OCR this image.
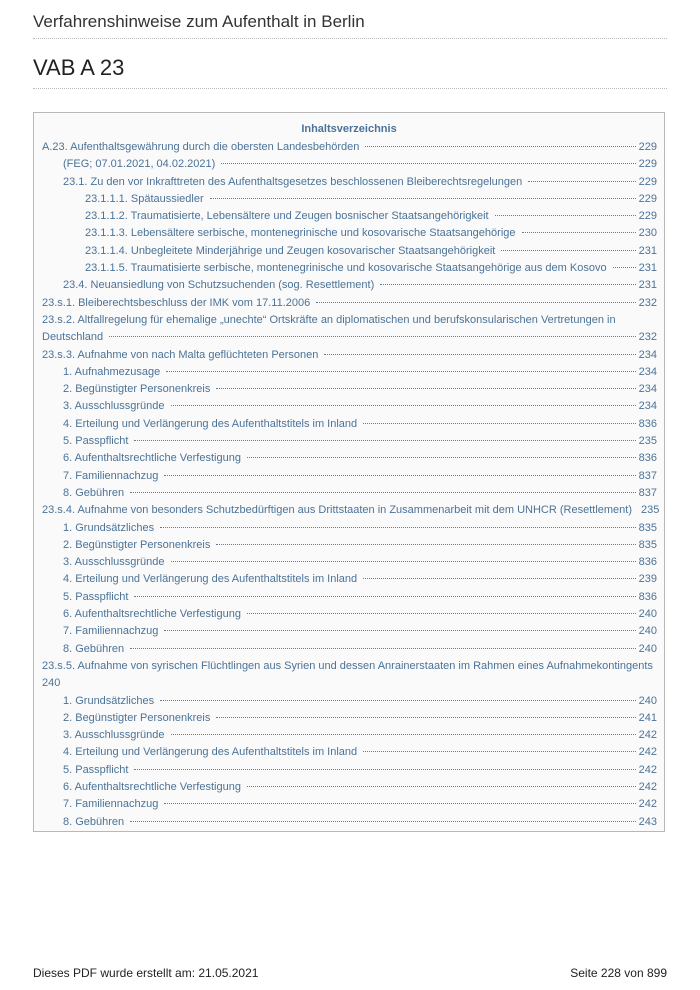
Verfahrenshinweise zum Aufenthalt in Berlin
VAB A 23
Inhaltsverzeichnis
A.23. Aufenthaltsgewährung durch die obersten Landesbehörden	229
(FEG; 07.01.2021, 04.02.2021)	229
23.1. Zu den vor Inkrafttreten des Aufenthaltsgesetzes beschlossenen Bleiberechtsregelungen	229
23.1.1.1. Spätaussiedler	229
23.1.1.2. Traumatisierte, Lebensältere und Zeugen bosnischer Staatsangehörigkeit	229
23.1.1.3. Lebensältere serbische, montenegrinische und kosovarische Staatsangehörige	230
23.1.1.4. Unbegleitete Minderjährige und Zeugen kosovarischer Staatsangehörigkeit	231
23.1.1.5. Traumatisierte serbische, montenegrinische und kosovarische Staatsangehörige aus dem Kosovo	231
23.4. Neuansiedlung von Schutzsuchenden (sog. Resettlement)	231
23.s.1. Bleiberechtsbeschluss der IMK vom 17.11.2006	232
23.s.2. Altfallregelung für ehemalige „unechte“ Ortskräfte an diplomatischen und berufskonsularischen Vertretungen in
Deutschland	232
23.s.3. Aufnahme von nach Malta geflüchteten Personen	234
1. Aufnahmezusage	234
2. Begünstigter Personenkreis	234
3. Ausschlussgründe	234
4. Erteilung und Verlängerung des Aufenthaltstitels im Inland	836
5. Passpflicht	235
6. Aufenthaltsrechtliche Verfestigung	836
7. Familiennachzug	837
8. Gebühren	837
23.s.4. Aufnahme von besonders Schutzbedürftigen aus Drittstaaten in Zusammenarbeit mit dem UNHCR (Resettlement) 235
1. Grundsätzliches	835
2. Begünstigter Personenkreis	835
3. Ausschlussgründe	836
4. Erteilung und Verlängerung des Aufenthaltstitels im Inland	239
5. Passpflicht	836
6. Aufenthaltsrechtliche Verfestigung	240
7. Familiennachzug	240
8. Gebühren	240
23.s.5. Aufnahme von syrischen Flüchtlingen aus Syrien und dessen Anrainerstaaten im Rahmen eines Aufnahmekontingents
240
1. Grundsätzliches	240
2. Begünstigter Personenkreis	241
3. Ausschlussgründe	242
4. Erteilung und Verlängerung des Aufenthaltstitels im Inland	242
5. Passpflicht	242
6. Aufenthaltsrechtliche Verfestigung	242
7. Familiennachzug	242
8. Gebühren	243
Dieses PDF wurde erstellt am: 21.05.2021	Seite 228 von 899
